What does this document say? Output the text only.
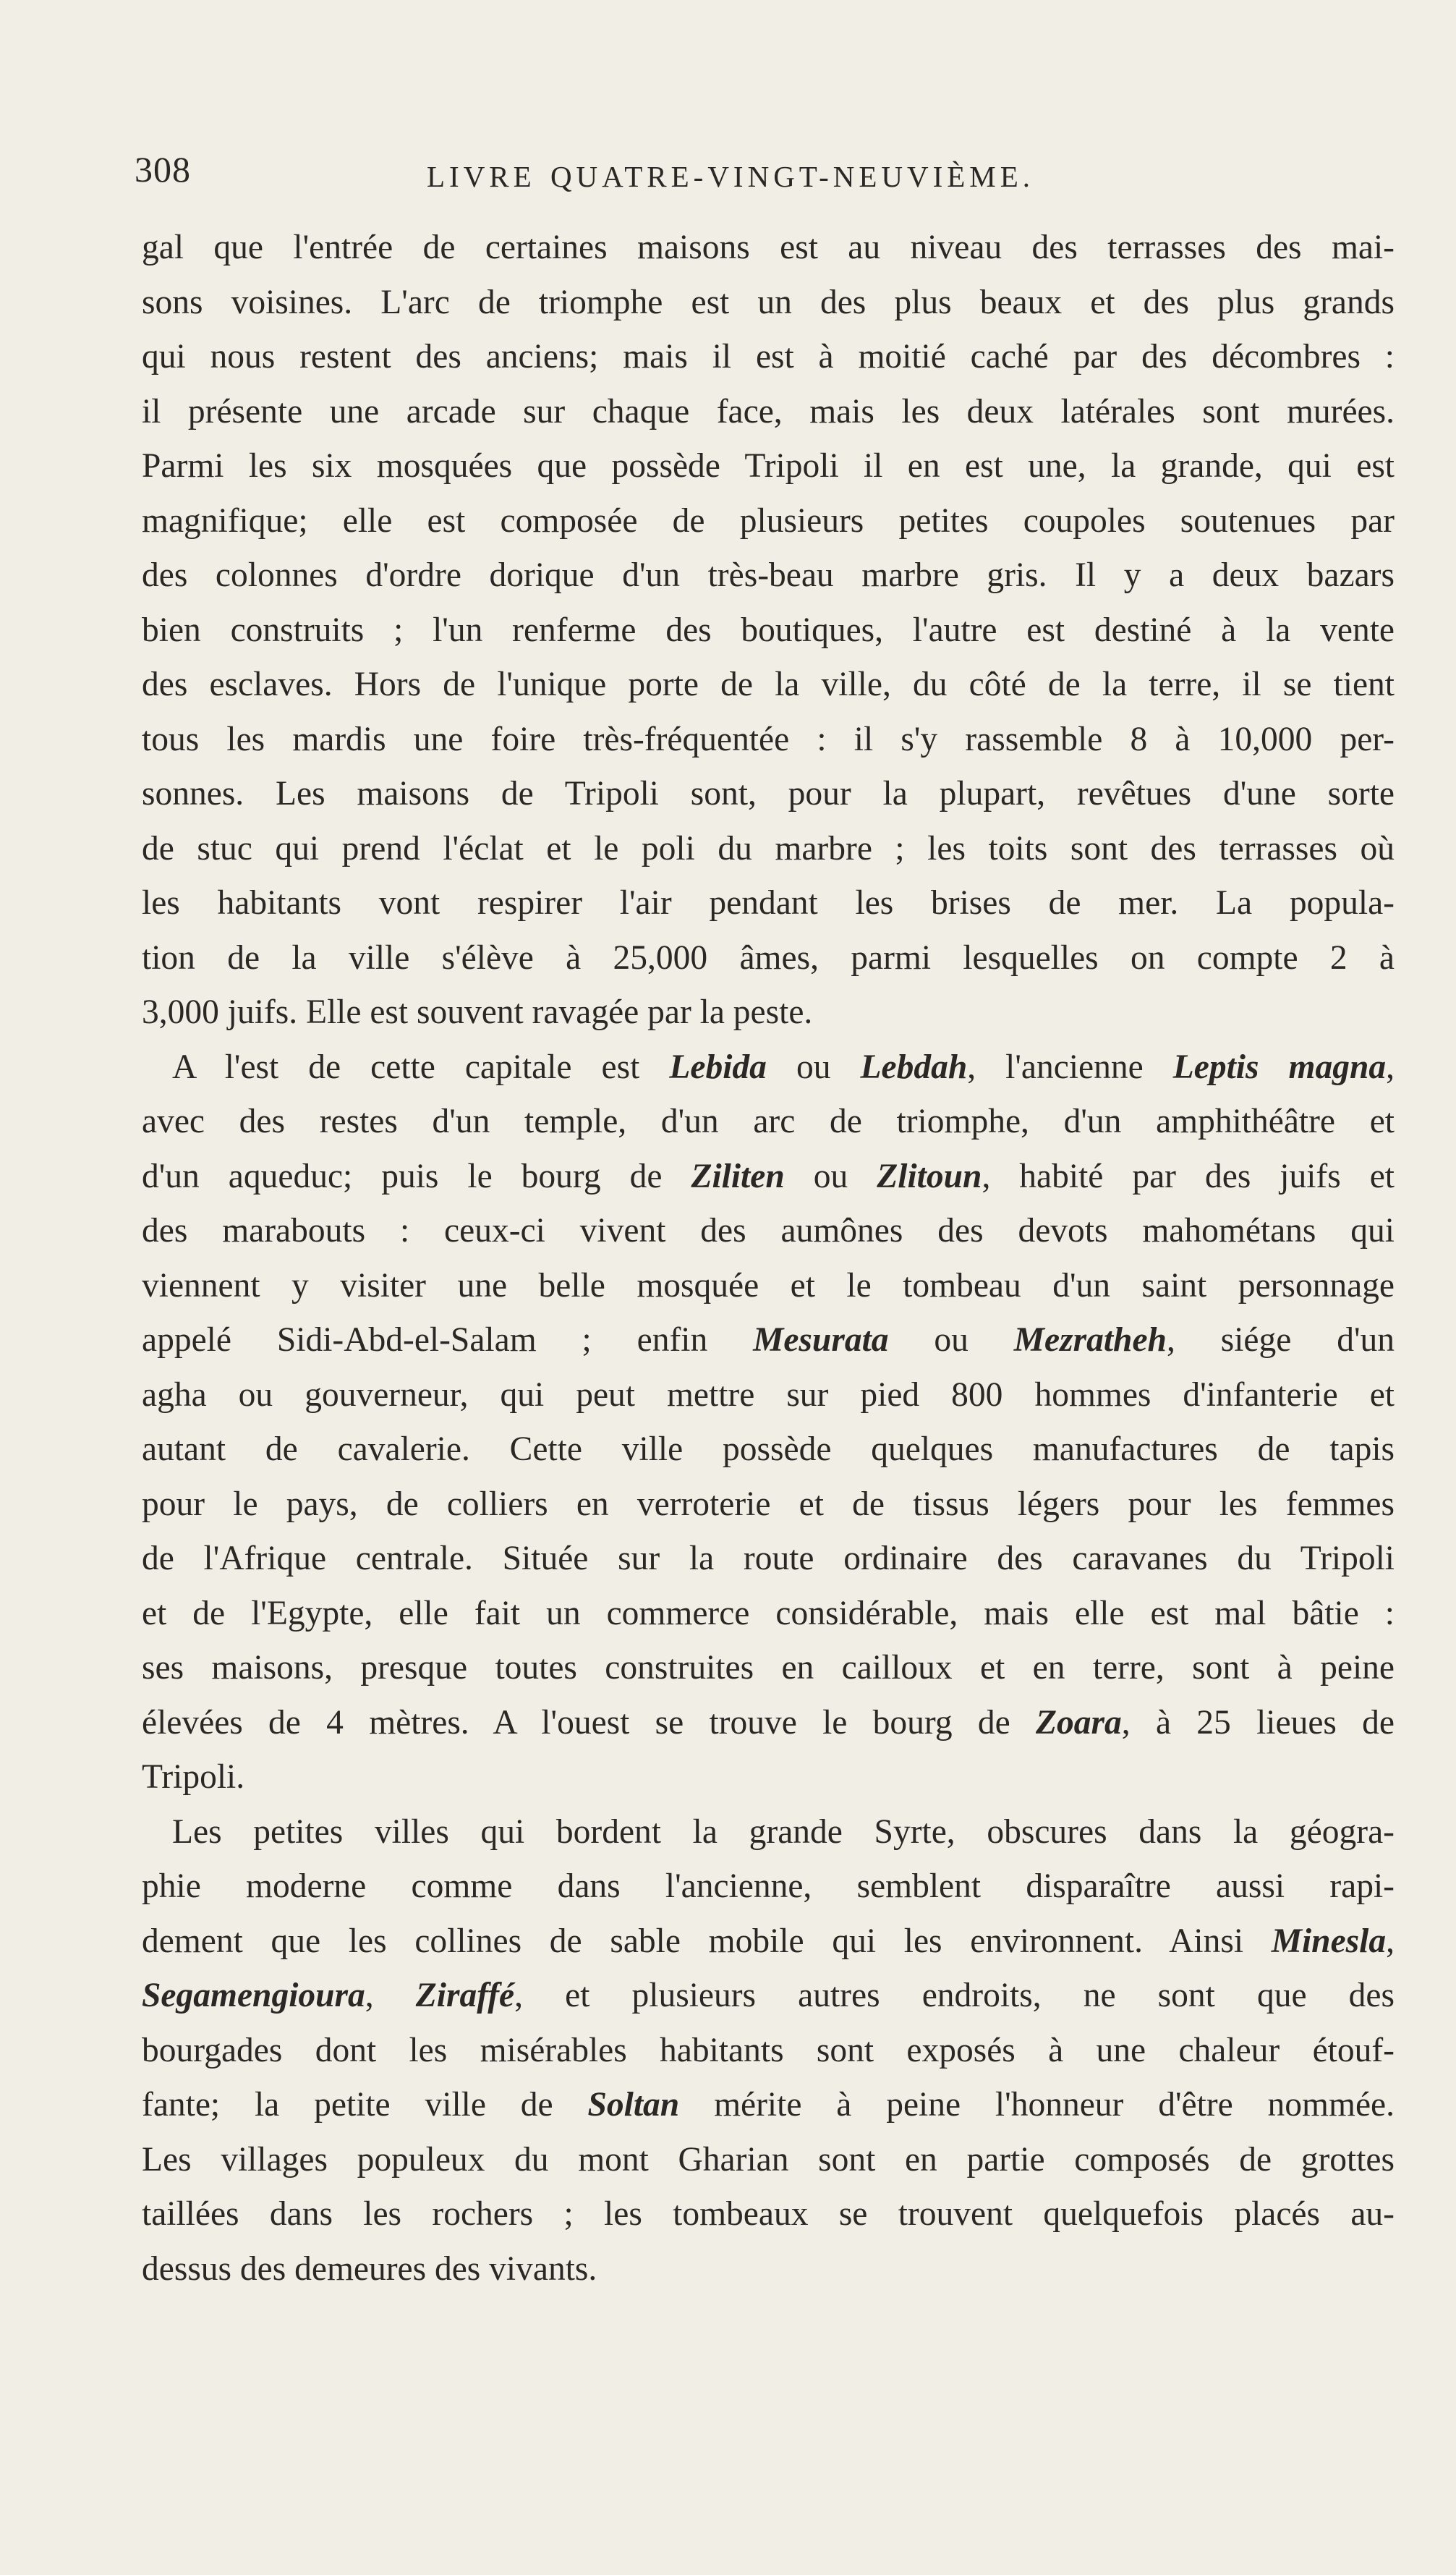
308	LIVRE QUATRE-VINGT-NEUVIÈME.

gal que l'entrée de certaines maisons est au niveau des terrasses des mai-
sons voisines. L'arc de triomphe est un des plus beaux et des plus grands
qui nous restent des anciens; mais il est à moitié caché par des décombres :
il présente une arcade sur chaque face, mais les deux latérales sont murées.
Parmi les six mosquées que possède Tripoli il en est une, la grande, qui est
magnifique; elle est composée de plusieurs petites coupoles soutenues par
des colonnes d'ordre dorique d'un très-beau marbre gris. Il y a deux bazars
bien construits ; l'un renferme des boutiques, l'autre est destiné à la vente
des esclaves. Hors de l'unique porte de la ville, du côté de la terre, il se tient
tous les mardis une foire très-fréquentée : il s'y rassemble 8 à 10,000 per-
sonnes. Les maisons de Tripoli sont, pour la plupart, revêtues d'une sorte
de stuc qui prend l'éclat et le poli du marbre ; les toits sont des terrasses où
les habitants vont respirer l'air pendant les brises de mer. La popula-
tion de la ville s'élève à 25,000 âmes, parmi lesquelles on compte 2 à
3,000 juifs. Elle est souvent ravagée par la peste.

A l'est de cette capitale est Lebida ou Lebdah, l'ancienne Leptis magna,
avec des restes d'un temple, d'un arc de triomphe, d'un amphithéâtre et
d'un aqueduc; puis le bourg de Ziliten ou Zlitoun, habité par des juifs et
des marabouts : ceux-ci vivent des aumônes des devots mahométans qui
viennent y visiter une belle mosquée et le tombeau d'un saint personnage
appelé Sidi-Abd-el-Salam ; enfin Mesurata ou Mezratheh, siége d'un
agha ou gouverneur, qui peut mettre sur pied 800 hommes d'infanterie et
autant de cavalerie. Cette ville possède quelques manufactures de tapis
pour le pays, de colliers en verroterie et de tissus légers pour les femmes
de l'Afrique centrale. Située sur la route ordinaire des caravanes du Tripoli
et de l'Egypte, elle fait un commerce considérable, mais elle est mal bâtie :
ses maisons, presque toutes construites en cailloux et en terre, sont à peine
élevées de 4 mètres. A l'ouest se trouve le bourg de Zoara, à 25 lieues de
Tripoli.

Les petites villes qui bordent la grande Syrte, obscures dans la géogra-
phie moderne comme dans l'ancienne, semblent disparaître aussi rapi-
dement que les collines de sable mobile qui les environnent. Ainsi Minesla,
Segamengioura, Ziraffé, et plusieurs autres endroits, ne sont que des
bourgades dont les misérables habitants sont exposés à une chaleur étouf-
fante; la petite ville de Soltan mérite à peine l'honneur d'être nommée.
Les villages populeux du mont Gharian sont en partie composés de grottes
taillées dans les rochers ; les tombeaux se trouvent quelquefois placés au-
dessus des demeures des vivants.
